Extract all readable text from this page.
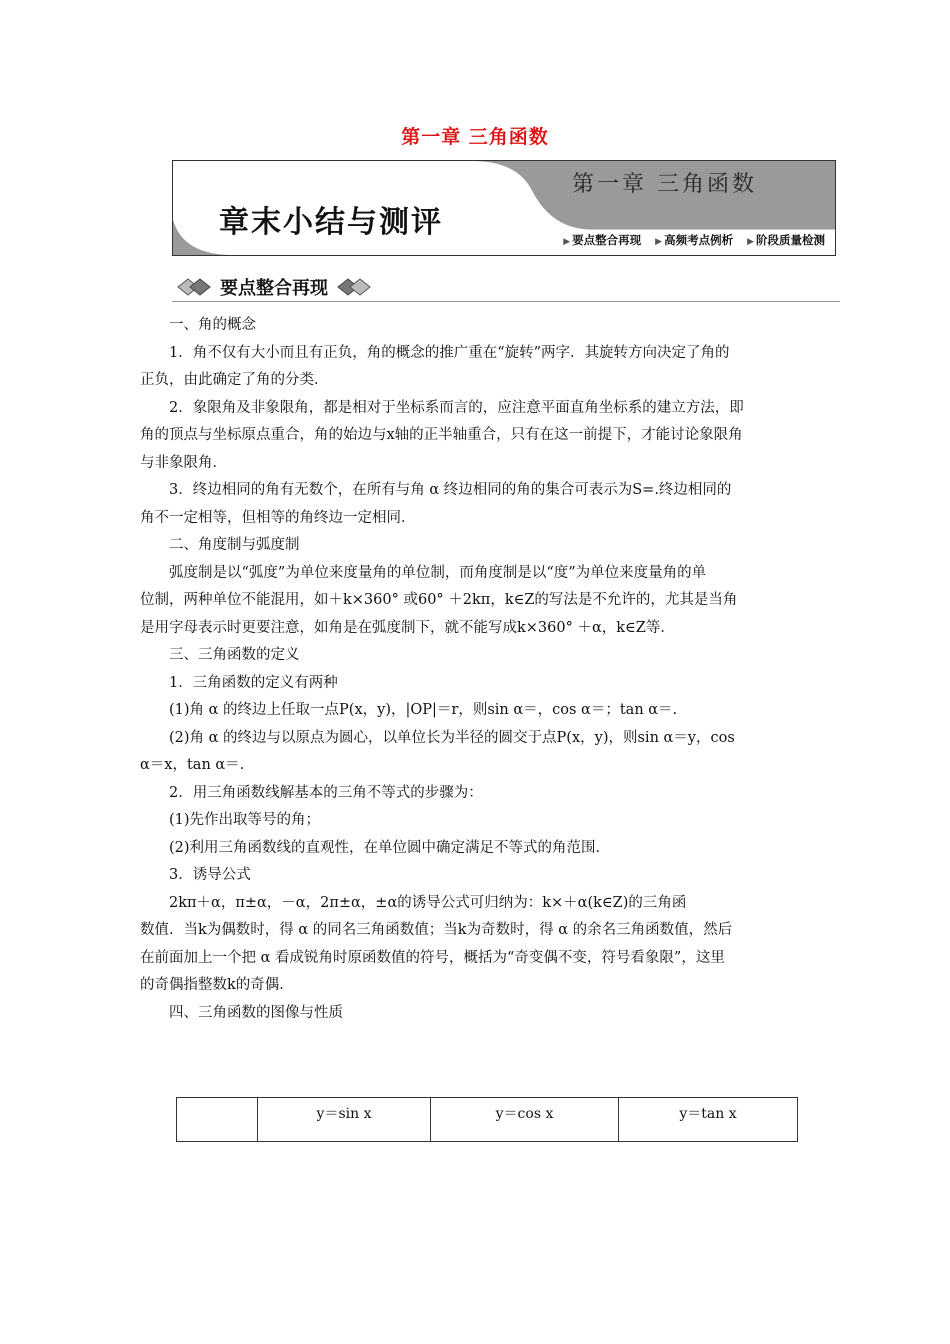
第一章 三角函数
第一章 三角函数
章末小结与测评
▶ 要点整合再现 ▶ 高频考点例析 ▶ 阶段质量检测
要点整合再现

一、角的概念

1．角不仅有大小而且有正负，角的概念的推广重在“旋转”两字．其旋转方向决定了角的

正负，由此确定了角的分类．

2．象限角及非象限角，都是相对于坐标系而言的，应注意平面直角坐标系的建立方法，即

角的顶点与坐标原点重合，角的始边与x轴的正半轴重合，只有在这一前提下，才能讨论象限角

与非象限角．

3．终边相同的角有无数个，在所有与角 α 终边相同的角的集合可表示为S=.终边相同的

角不一定相等，但相等的角终边一定相同．

二、角度制与弧度制

弧度制是以“弧度”为单位来度量角的单位制，而角度制是以“度”为单位来度量角的单

位制，两种单位不能混用，如＋k×360° 或60° ＋2kπ，k∈Z的写法是不允许的，尤其是当角

是用字母表示时更要注意，如角是在弧度制下，就不能写成k×360° ＋α，k∈Z等．

三、三角函数的定义

1．三角函数的定义有两种

(1)角 α 的终边上任取一点P(x，y)，|OP|＝r，则sin α＝，cos α＝；tan α＝.

(2)角 α 的终边与以原点为圆心，以单位长为半径的圆交于点P(x，y)，则sin α＝y，cos

α＝x，tan α＝.

2．用三角函数线解基本的三角不等式的步骤为：

(1)先作出取等号的角；

(2)利用三角函数线的直观性，在单位圆中确定满足不等式的角范围．

3．诱导公式

2kπ＋α，π±α，－α，2π±α，±α的诱导公式可归纳为：k×＋α(k∈Z)的三角函

数值．当k为偶数时，得 α 的同名三角函数值；当k为奇数时，得 α 的余名三角函数值，然后

在前面加上一个把 α 看成锐角时原函数值的符号，概括为“奇变偶不变，符号看象限”，这里

的奇偶指整数k的奇偶．

四、三角函数的图像与性质

	y＝sin x	y＝cos x	y＝tan x
